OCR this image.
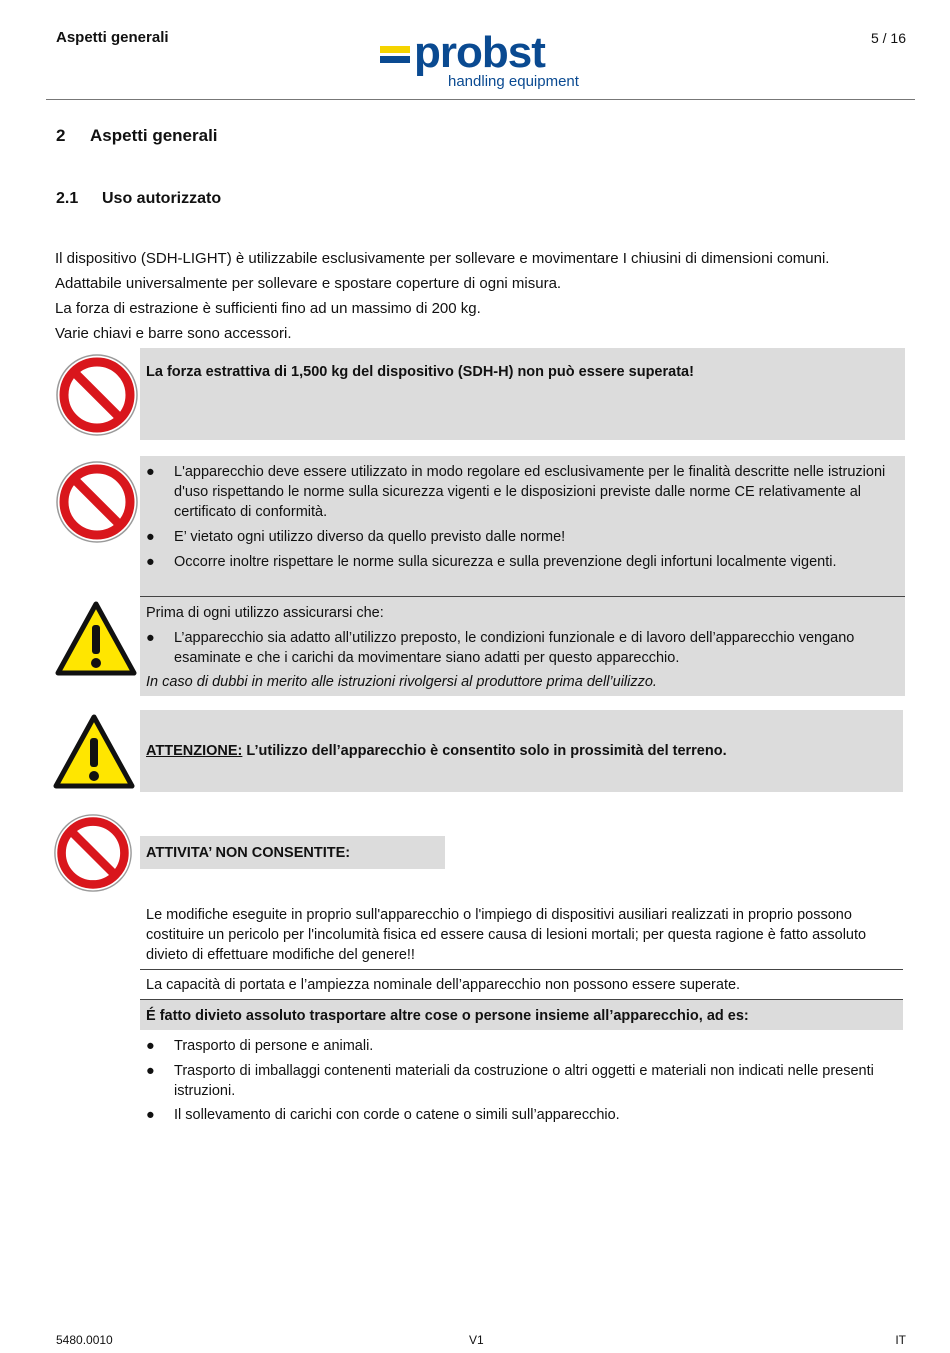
Aspetti generali	probst
handling equipment
5 / 16
2 Aspetti generali
2.1 Uso autorizzato
Il dispositivo (SDH-LIGHT) è utilizzabile esclusivamente per sollevare e movimentare I chiusini di dimensioni comuni.
Adattabile universalmente per sollevare e spostare coperture di ogni misura.
La forza di estrazione è sufficienti fino ad un massimo di 200 kg.
Varie chiavi e barre sono accessori.
La forza estrattiva di 1,500 kg del dispositivo (SDH-H) non può essere superata!
● L'apparecchio deve essere utilizzato in modo regolare ed esclusivamente per le finalità descritte nelle istruzioni d'uso rispettando le norme sulla sicurezza vigenti e le disposizioni previste dalle norme CE relativamente al certificato di conformità.
● E’ vietato ogni utilizzo diverso da quello previsto dalle norme!
● Occorre inoltre rispettare le norme sulla sicurezza e sulla prevenzione degli infortuni localmente vigenti.
Prima di ogni utilizzo assicurarsi che:
● L’apparecchio sia adatto all’utilizzo preposto, le condizioni funzionale e di lavoro dell’apparecchio vengano esaminate e che i carichi da movimentare siano adatti per questo apparecchio.
In caso di dubbi in merito alle istruzioni rivolgersi al produttore prima dell’uilizzo.
ATTENZIONE: L’utilizzo dell’apparecchio è consentito solo in prossimità del terreno.
ATTIVITA’ NON CONSENTITE:
Le modifiche eseguite in proprio sull'apparecchio o l'impiego di dispositivi ausiliari realizzati in proprio possono costituire un pericolo per l'incolumità fisica ed essere causa di lesioni mortali; per questa ragione è fatto assoluto divieto di effettuare modifiche del genere!!
La capacità di portata e l’ampiezza nominale dell’apparecchio non possono essere superate.
É fatto divieto assoluto trasportare altre cose o persone insieme all’apparecchio, ad es:
● Trasporto di persone e animali.
● Trasporto di imballaggi contenenti materiali da costruzione o altri oggetti e materiali non indicati nelle presenti istruzioni.
● Il sollevamento di carichi con corde o catene o simili sull’apparecchio.
5480.0010	V1	IT
